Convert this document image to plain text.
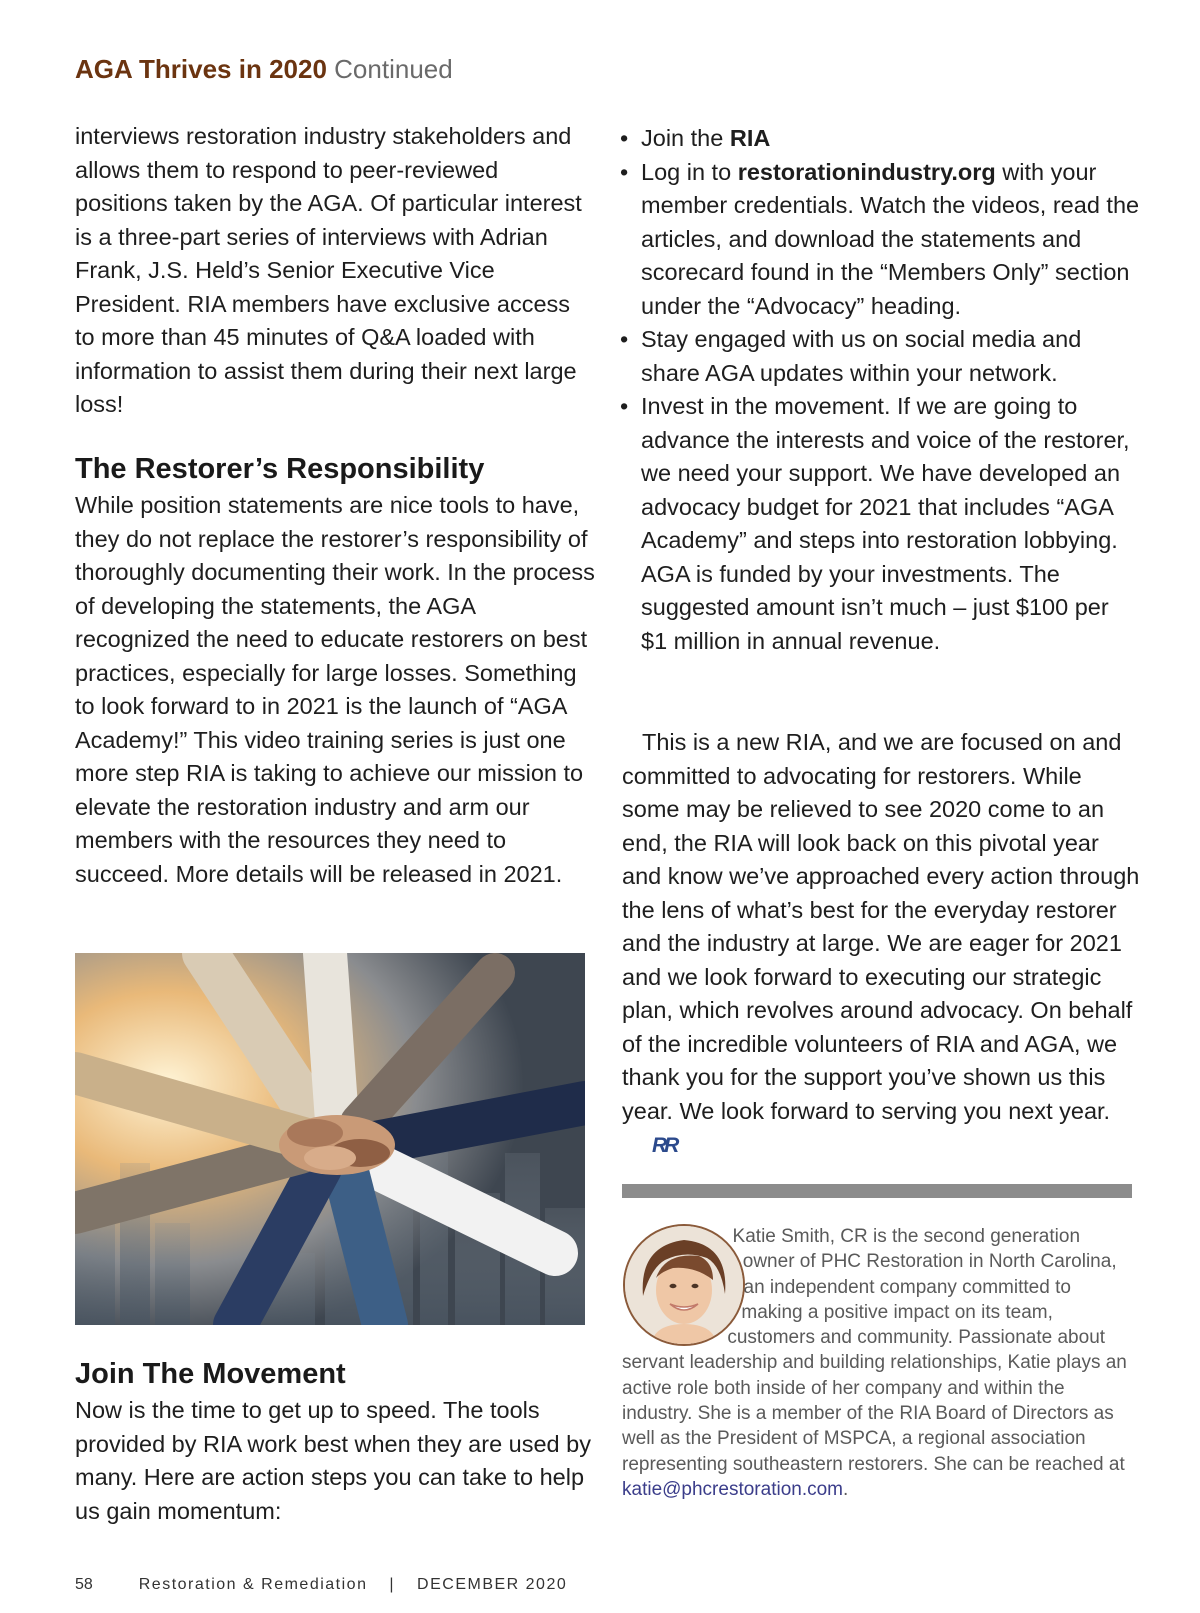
AGA Thrives in 2020 Continued

interviews restoration industry stakeholders and allows them to respond to peer-reviewed positions taken by the AGA. Of particular interest is a three-part series of interviews with Adrian Frank, J.S. Held’s Senior Executive Vice President. RIA members have exclusive access to more than 45 minutes of Q&A loaded with information to assist them during their next large loss!

The Restorer’s Responsibility

While position statements are nice tools to have, they do not replace the restorer’s responsibility of thoroughly documenting their work. In the process of developing the statements, the AGA recognized the need to educate restorers on best practices, especially for large losses. Something to look forward to in 2021 is the launch of “AGA Academy!” This video training series is just one more step RIA is taking to achieve our mission to elevate the restoration industry and arm our members with the resources they need to succeed. More details will be released in 2021.

Join The Movement

Now is the time to get up to speed. The tools provided by RIA work best when they are used by many. Here are action steps you can take to help us gain momentum:

• Join the RIA
• Log in to restorationindustry.org with your member credentials. Watch the videos, read the articles, and download the statements and scorecard found in the “Members Only” section under the “Advocacy” heading.
• Stay engaged with us on social media and share AGA updates within your network.
• Invest in the movement. If we are going to advance the interests and voice of the restorer, we need your support. We have developed an advocacy budget for 2021 that includes “AGA Academy” and steps into restoration lobbying. AGA is funded by your investments. The suggested amount isn’t much – just $100 per $1 million in annual revenue.

This is a new RIA, and we are focused on and committed to advocating for restorers. While some may be relieved to see 2020 come to an end, the RIA will look back on this pivotal year and know we’ve approached every action through the lens of what’s best for the everyday restorer and the industry at large. We are eager for 2021 and we look forward to executing our strategic plan, which revolves around advocacy. On behalf of the incredible volunteers of RIA and AGA, we thank you for the support you’ve shown us this year. We look forward to serving you next year.RR

Katie Smith, CR is the second generation owner of PHC Restoration in North Carolina, an independent company committed to making a positive impact on its team, customers and community. Passionate about servant leadership and building relationships, Katie plays an active role both inside of her company and within the industry. She is a member of the RIA Board of Directors as well as the President of MSPCA, a regional association representing southeastern restorers. She can be reached at katie@phcrestoration.com.

58	Restoration & Remediation | DECEMBER 2020
